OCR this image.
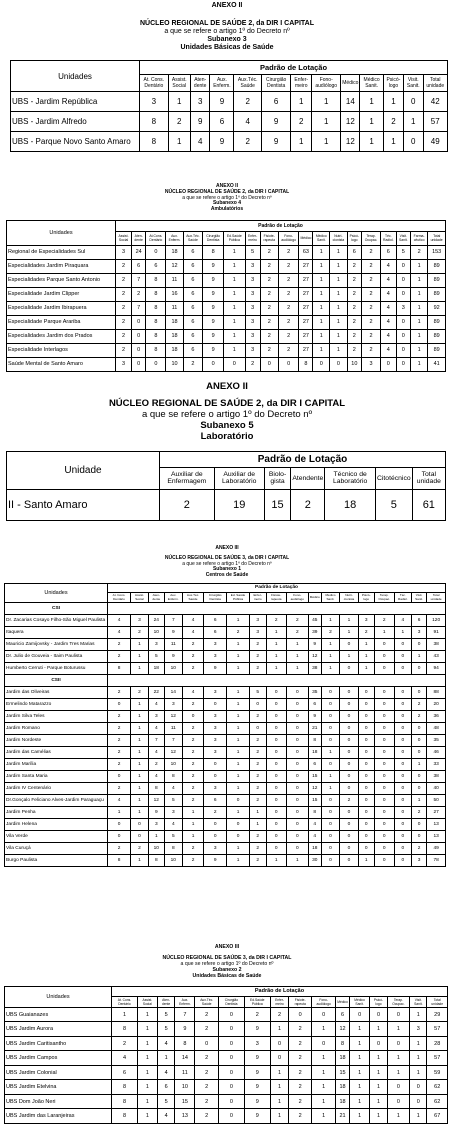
ANEXO II
NÚCLEO REGIONAL DE SAÚDE 2, da DIR I CAPITAL
a que se refere o artigo 1º do Decreto nº
Subanexo 3
Unidades Básicas de Saúde
Unidades	Padrão de Lotação												
	At. Cons. Dentário	Assist. Social	Aten- dente	Aux. Enferm.	Aux.Téc. Saúde	Cirurgião Dentista	Enfer- meiro	Fono- audiólogo	Médico	Médico Sanit.	Psicó- logo	Visit. Sanit.	Total unidade
UBS - Jardim República	3	1	3	9	2	6	1	1	14	1	1	0	42
UBS - Jardim Alfredo	8	2	9	6	4	9	2	1	12	1	2	1	57
UBS - Parque Novo Santo Amaro	8	1	4	9	2	9	1	1	12	1	1	0	49
ANEXO II
NÚCLEO REGIONAL DE SAÚDE 2, da DIR I CAPITAL
a que se refere o artigo 1º do Decreto nº
Subanexo 4
Ambulatórios
Unidades	Padrão de Lotação																		
	Assist. Social	Aten- dente	At.Cons. Dentário	Aux. Enferm.	Aux.Téc. Saúde	Cirurgião Dentista	Ed.Saúde Pública	Enfer- meiro	Fisiote- rapeuta	Fono- audiólogo	Médico	Médico Sanit.	Nutri- cionista	Psicó- logo	Terap. Ocupac.	Téc. Radiol.	Visit. Sanit.	Farma- cêutico	Total unidade
Regional de Especialidades Sul	3	24	0	18	6	8	1	5	2	2	63	1	1	6	2	6	5	2	153
Especialidades Jardim Piraquara	2	6	6	12	6	9	1	3	2	2	27	1	1	2	2	4	0	1	89
Especialidades Parque Santo Antonio	2	7	8	11	6	9	1	3	2	2	27	1	1	2	2	4	0	1	89
Especialidade Jardim Clipper	2	2	8	16	6	9	1	3	2	2	27	1	1	2	2	4	0	1	89
Especialidade Jardim Ibirapuera	2	7	8	11	6	9	1	3	2	2	27	1	1	2	2	4	3	1	92
Especialidade Parque Arariba	2	0	8	18	6	9	1	3	2	2	27	1	1	2	2	4	0	1	89
Especialidades Jardim dos Prados	2	0	8	18	6	9	1	3	2	2	27	1	1	2	2	4	0	1	89
Especialidade Interlagos	2	0	8	18	6	9	1	3	2	2	27	1	1	2	2	4	0	1	89
Saúde Mental de Santo Amaro	3	0	0	10	2	0	0	2	0	0	8	0	0	10	3	0	0	1	41
ANEXO II
NÚCLEO REGIONAL DE SAÚDE 2, da DIR I CAPITAL
a que se refere o artigo 1º do Decreto nº
Subanexo 5
Laboratório
Unidade	Padrão de Lotação						
	Auxiliar de Enfermagem	Auxiliar de Laboratório	Biolo- gista	Atendente	Técnico de Laboratório	Citotécnico	Total unidade
II - Santo Amaro	2	19	15	2	18	5	61
ANEXO III
NÚCLEO REGIONAL DE SAÚDE 3, da DIR I CAPITAL
a que se refere o artigo 1º do Decreto nº
Subanexo 1
Centros de Saúde
Unidades	Padrão de Lotação																	
	At. Cons. Dentário	Assist. Social	Aten- dente	Aux. Enferm.	Aux.Téc. Saúde	Cirurgião Dentista	Ed. Saúde Pública	Enfer- meiro	Fisiote- rapeuta	Fono- audiólogo	Médico	Médico Sanit.	Nutri- cionista	Psicó- logo	Terap. Ocupac.	Téc. Radiol.	Visit. Sanit.	Total unidade
CSI																		
Dr. Zacarias Cosayo Filho-São Miguel Paulista	4	3	24	7	4	6	1	3	2	2	45	1	1	3	2	4	6	120
Itaquera	4	2	10	9	4	6	2	3	1	2	39	2	1	2	1	1	3	91
Mauricio Zamijovsky - Jardim Tres Marias	2	1	3	11	2	3	1	2	1	1	9	1	0	1	0	0	0	38
Dr. Julio de Gouveia - Itaim Paulista	2	1	5	9	2	3	1	2	1	1	12	1	1	1	0	0	1	43
Humberto Cerruti - Parque Boturussu	8	1	18	10	2	9	1	2	1	1	38	1	0	1	0	0	0	94
CSII																		
Jardim das Oliveiras	2	2	22	14	4	3	1	5	0	0	35	0	0	0	0	0	0	88
Ermelindo Matarazzo	0	1	4	3	2	0	1	0	0	0	6	0	0	0	0	0	2	20
Jardim Silva Teles	2	1	3	12	0	3	1	2	0	0	9	0	0	0	0	0	2	36
Jardim Romano	2	1	4	11	2	3	1	0	0	0	21	0	0	0	0	0	0	48
Jardim Nordeste	2	1	7	7	2	3	1	2	0	0	8	0	0	0	0	0	0	35
Jardim das Camélias	2	1	4	12	2	3	1	2	0	0	18	1	0	0	0	0	0	46
Jardim Marília	2	1	2	10	2	0	1	2	0	0	6	0	0	0	0	0	1	33
Jardim Santa Maria	0	1	4	8	2	0	1	2	0	0	15	1	0	0	0	0	0	38
Jardim IV Centenário	2	1	8	4	2	3	1	2	0	0	12	1	0	0	0	0	0	40
Dr.Gonçalo Feliciano Alves-Jardim Paraguaçu	4	1	12	5	2	6	0	2	0	0	15	0	2	0	0	0	1	50
Jardim Penha	1	1	9	3	1	2	1	1	0	0	8	0	0	0	0	0	2	27
Jardim Helena	0	0	3	4	1	0	0	1	0	0	4	0	0	0	0	0	0	13
Vila Verde	0	0	1	5	1	0	0	2	0	0	4	0	0	0	0	0	0	13
Vila Curuçá	2	2	10	8	2	3	1	2	0	0	18	0	0	0	0	0	2	49
Burgo Paulista	8	1	8	10	2	9	1	2	1	1	30	0	0	1	0	0	3	78
ANEXO III
NÚCLEO REGIONAL DE SAÚDE 3, da DIR I CAPITAL
a que se refere o artigo 1º do Decreto nº
Subanexo 2
Unidades Básicas de Saúde
Unidades	Padrão de Lotação															
	At. Cons. Dentário	Assist. Social	Aten- dente	Aux. Enferm.	Aux.Téc. Saúde	Cirurgião Dentista	Ed.Saúde Pública	Enfer- meiro	Fisiote- rapeuta	Fono- audiólogo	Médico	Médico Sanit.	Psicó- logo	Terap. Ocupac.	Visit. Sanit.	Total unidade
UBS Guaianazes	1	1	5	7	2	0	2	2	0	0	6	0	0	0	1	29
UBS Jardim Aurora	8	1	5	9	2	0	9	1	2	1	12	1	1	1	3	57
UBS Jardim Caritisantho	2	1	4	8	0	0	3	0	2	0	8	1	0	0	1	28
UBS Jardim Campos	4	1	1	14	2	0	9	0	2	1	18	1	1	1	1	57
UBS Jardim Colonial	6	1	4	11	2	0	9	1	2	1	15	1	1	1	1	59
UBS Jardim Etelvina	8	1	6	10	2	0	9	1	2	1	18	1	1	0	0	62
UBS Dom João Neri	8	1	5	15	2	0	9	1	2	1	18	1	1	0	0	62
UBS Jardim das Laranjeiras	8	1	4	13	2	0	9	1	2	1	21	1	1	1	1	67
